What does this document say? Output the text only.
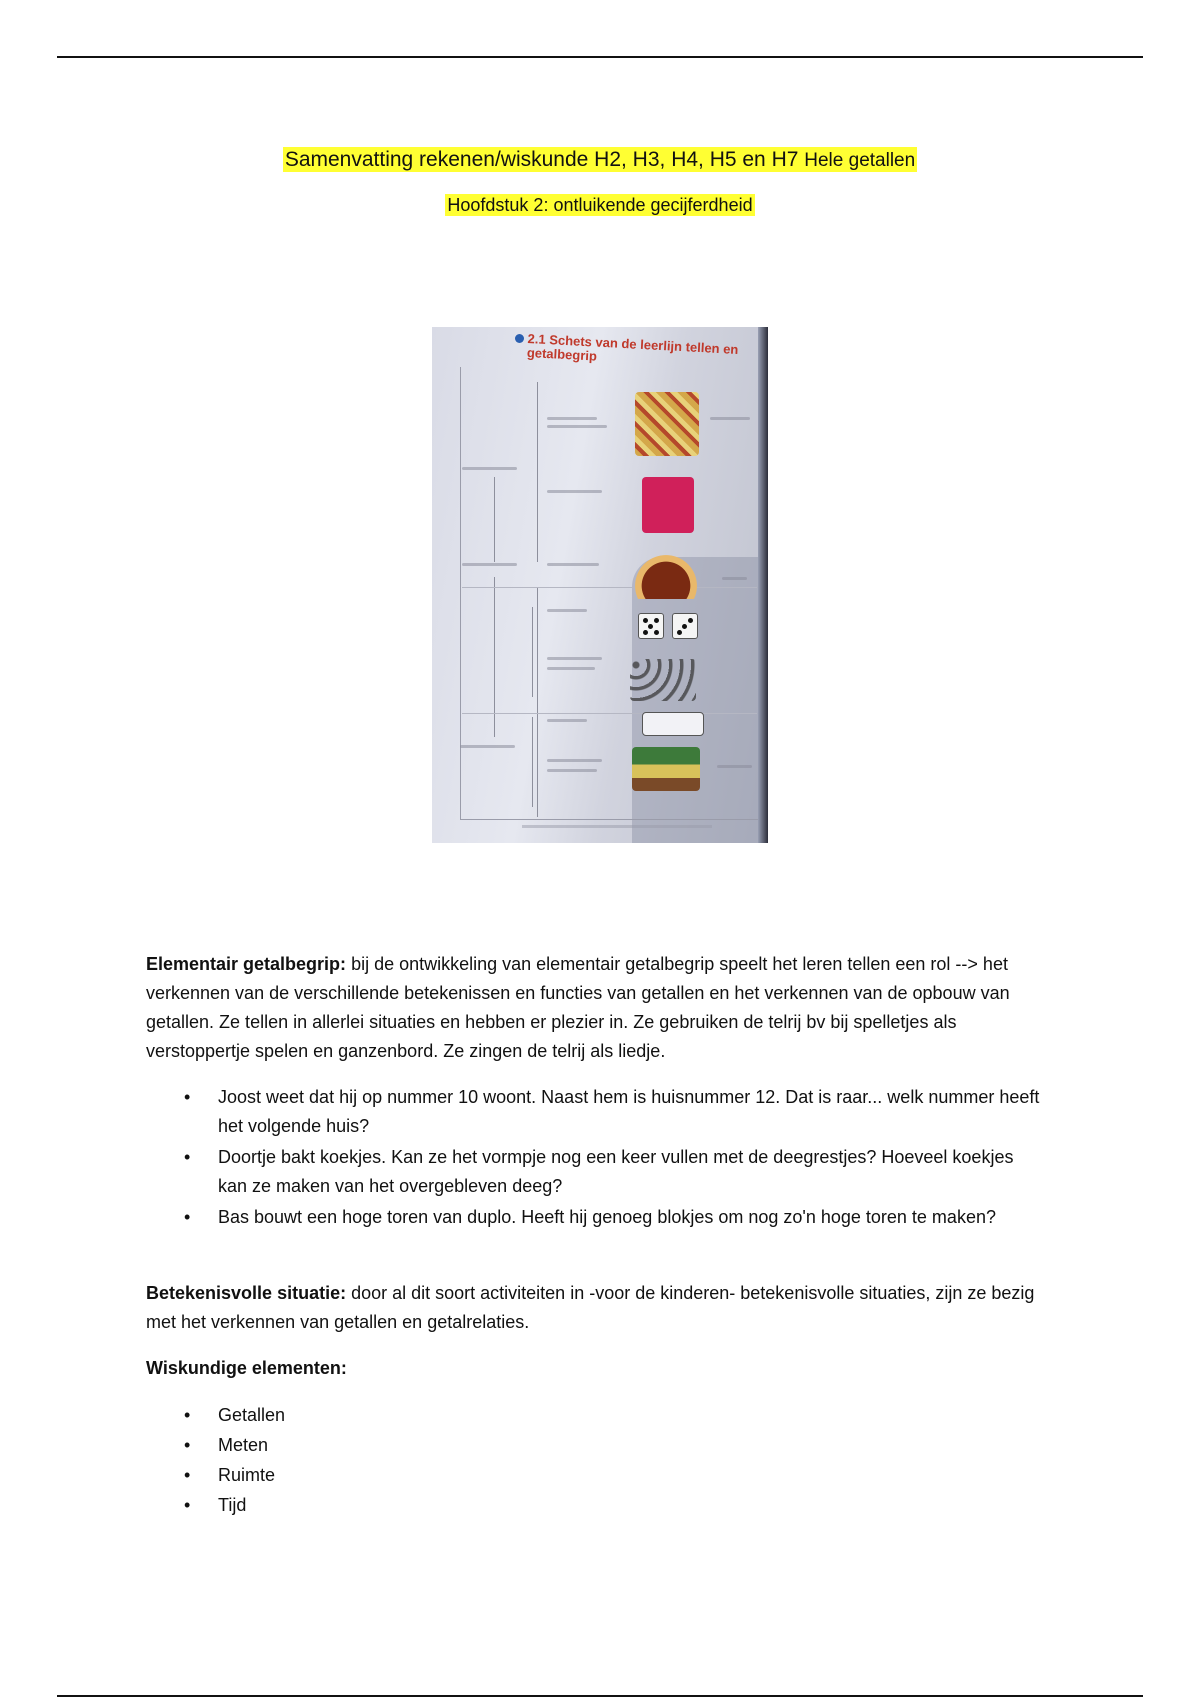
Samenvatting rekenen/wiskunde H2, H3, H4, H5 en H7 Hele getallen
Hoofdstuk 2: ontluikende gecijferdheid
2.1 Schets van de leerlijn tellen en getalbegrip

Elementair getalbegrip: bij de ontwikkeling van elementair getalbegrip speelt het leren tellen een rol --> het verkennen van de verschillende betekenissen en functies van getallen en het verkennen van de opbouw van getallen. Ze tellen in allerlei situaties en hebben er plezier in. Ze gebruiken de telrij bv bij spelletjes als verstoppertje spelen en ganzenbord. Ze zingen de telrij als liedje.

• Joost weet dat hij op nummer 10 woont. Naast hem is huisnummer 12. Dat is raar... welk nummer heeft het volgende huis?
• Doortje bakt koekjes. Kan ze het vormpje nog een keer vullen met de deegrestjes? Hoeveel koekjes kan ze maken van het overgebleven deeg?
• Bas bouwt een hoge toren van duplo. Heeft hij genoeg blokjes om nog zo'n hoge toren te maken?

Betekenisvolle situatie: door al dit soort activiteiten in -voor de kinderen- betekenisvolle situaties, zijn ze bezig met het verkennen van getallen en getalrelaties.

Wiskundige elementen:

• Getallen
• Meten
• Ruimte
• Tijd
